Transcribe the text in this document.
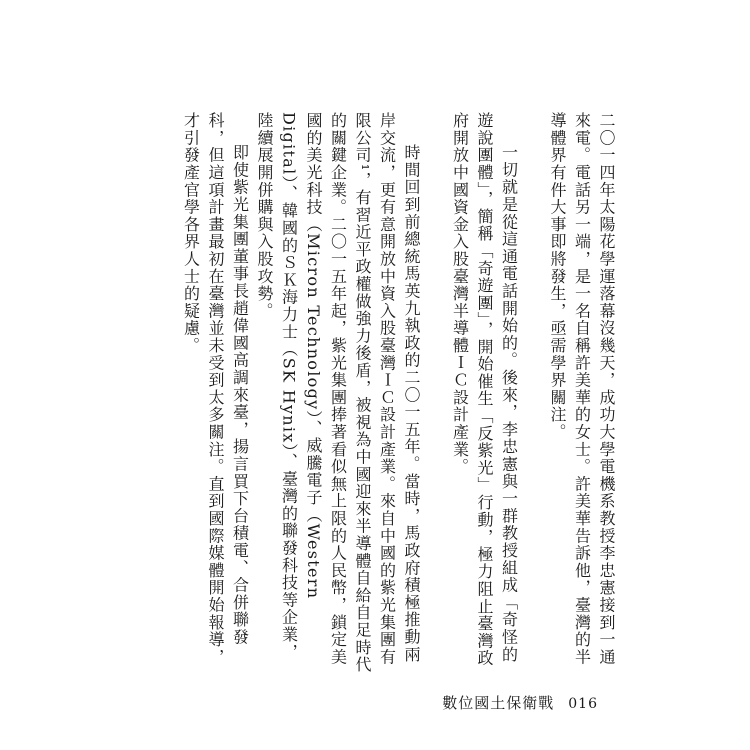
二〇一四年太陽花學運落幕沒幾天，成功大學電機系教授李忠憲接到一通來電。電話另一端，是一名自稱許美華的女士。許美華告訴他，臺灣的半導體界有件大事即將發生，亟需學界關注。

一切就是從這通電話開始的。後來，李忠憲與一群教授組成「奇怪的遊說團體」，簡稱「奇遊團」，開始催生「反紫光」行動，極力阻止臺灣政府開放中國資金入股臺灣半導體ＩＣ設計產業。

時間回到前總統馬英九執政的二〇一五年。當時，馬政府積極推動兩岸交流，更有意開放中資入股臺灣ＩＣ設計產業。來自中國的紫光集團有限公司¹，有習近平政權做強力後盾，被視為中國迎來半導體自給自足時代的關鍵企業。二〇一五年起，紫光集團捧著看似無上限的人民幣，鎖定美國的美光科技（Micron Technology）、威騰電子（Western Digital）、韓國的ＳＫ海力士（SK Hynix）、臺灣的聯發科技等企業，陸續展開併購與入股攻勢。

即使紫光集團董事長趙偉國高調來臺，揚言買下台積電、合併聯發科，但這項計畫最初在臺灣並未受到太多關注。直到國際媒體開始報導，才引發產官學各界人士的疑慮。

數位國土保衛戰 016
